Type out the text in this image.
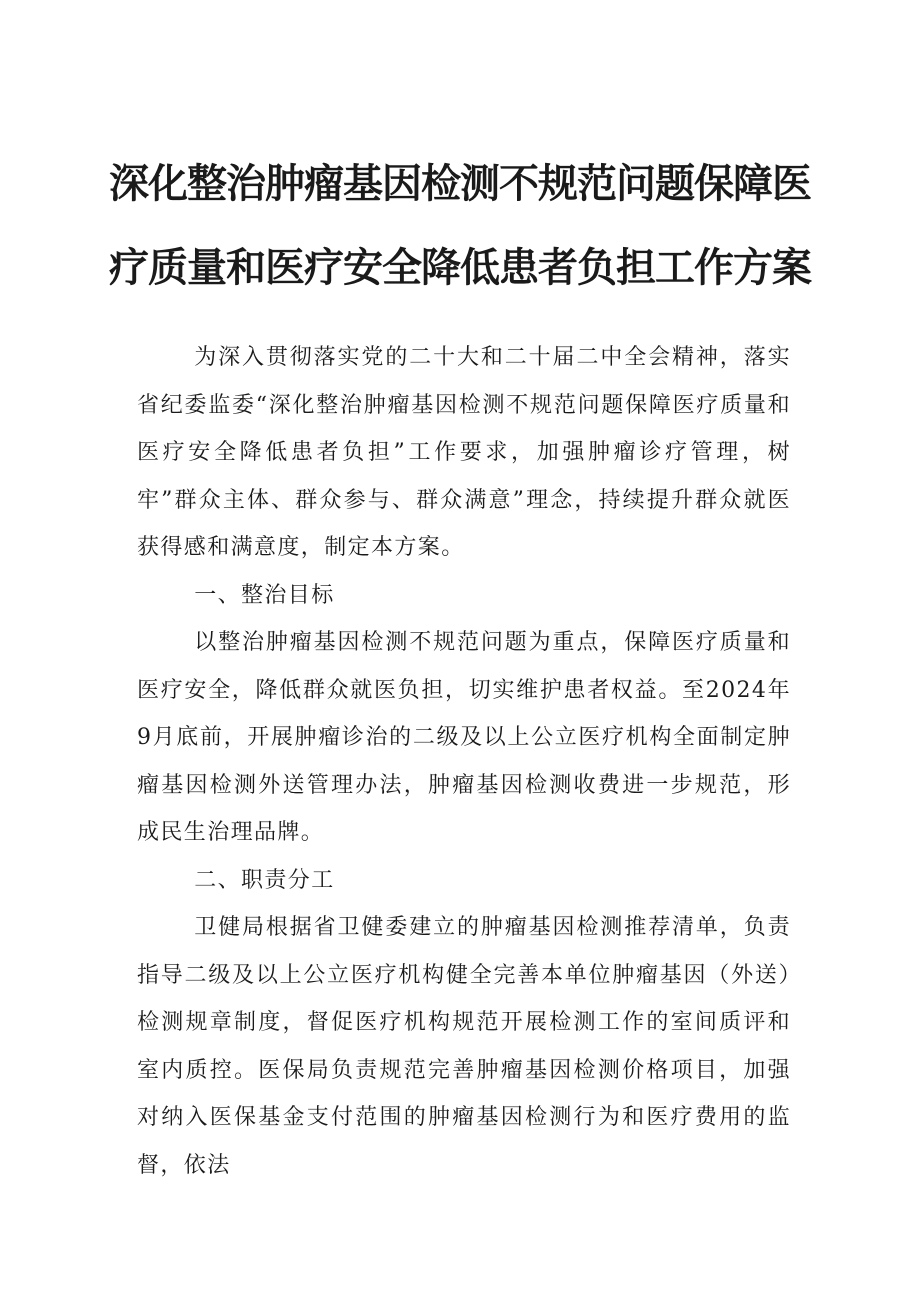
深化整治肿瘤基因检测不规范问题保障医
疗质量和医疗安全降低患者负担工作方案

为深入贯彻落实党的二十大和二十届二中全会精神，落实省纪委监委“深化整治肿瘤基因检测不规范问题保障医疗质量和医疗安全降低患者负担”工作要求，加强肿瘤诊疗管理，树牢”群众主体、群众参与、群众满意”理念，持续提升群众就医获得感和满意度，制定本方案。

一、整治目标

以整治肿瘤基因检测不规范问题为重点，保障医疗质量和医疗安全，降低群众就医负担，切实维护患者权益。至2024年9月底前，开展肿瘤诊治的二级及以上公立医疗机构全面制定肿瘤基因检测外送管理办法，肿瘤基因检测收费进一步规范，形成民生治理品牌。

二、职责分工

卫健局根据省卫健委建立的肿瘤基因检测推荐清单，负责指导二级及以上公立医疗机构健全完善本单位肿瘤基因（外送）检测规章制度，督促医疗机构规范开展检测工作的室间质评和室内质控。医保局负责规范完善肿瘤基因检测价格项目，加强对纳入医保基金支付范围的肿瘤基因检测行为和医疗费用的监督，依法
